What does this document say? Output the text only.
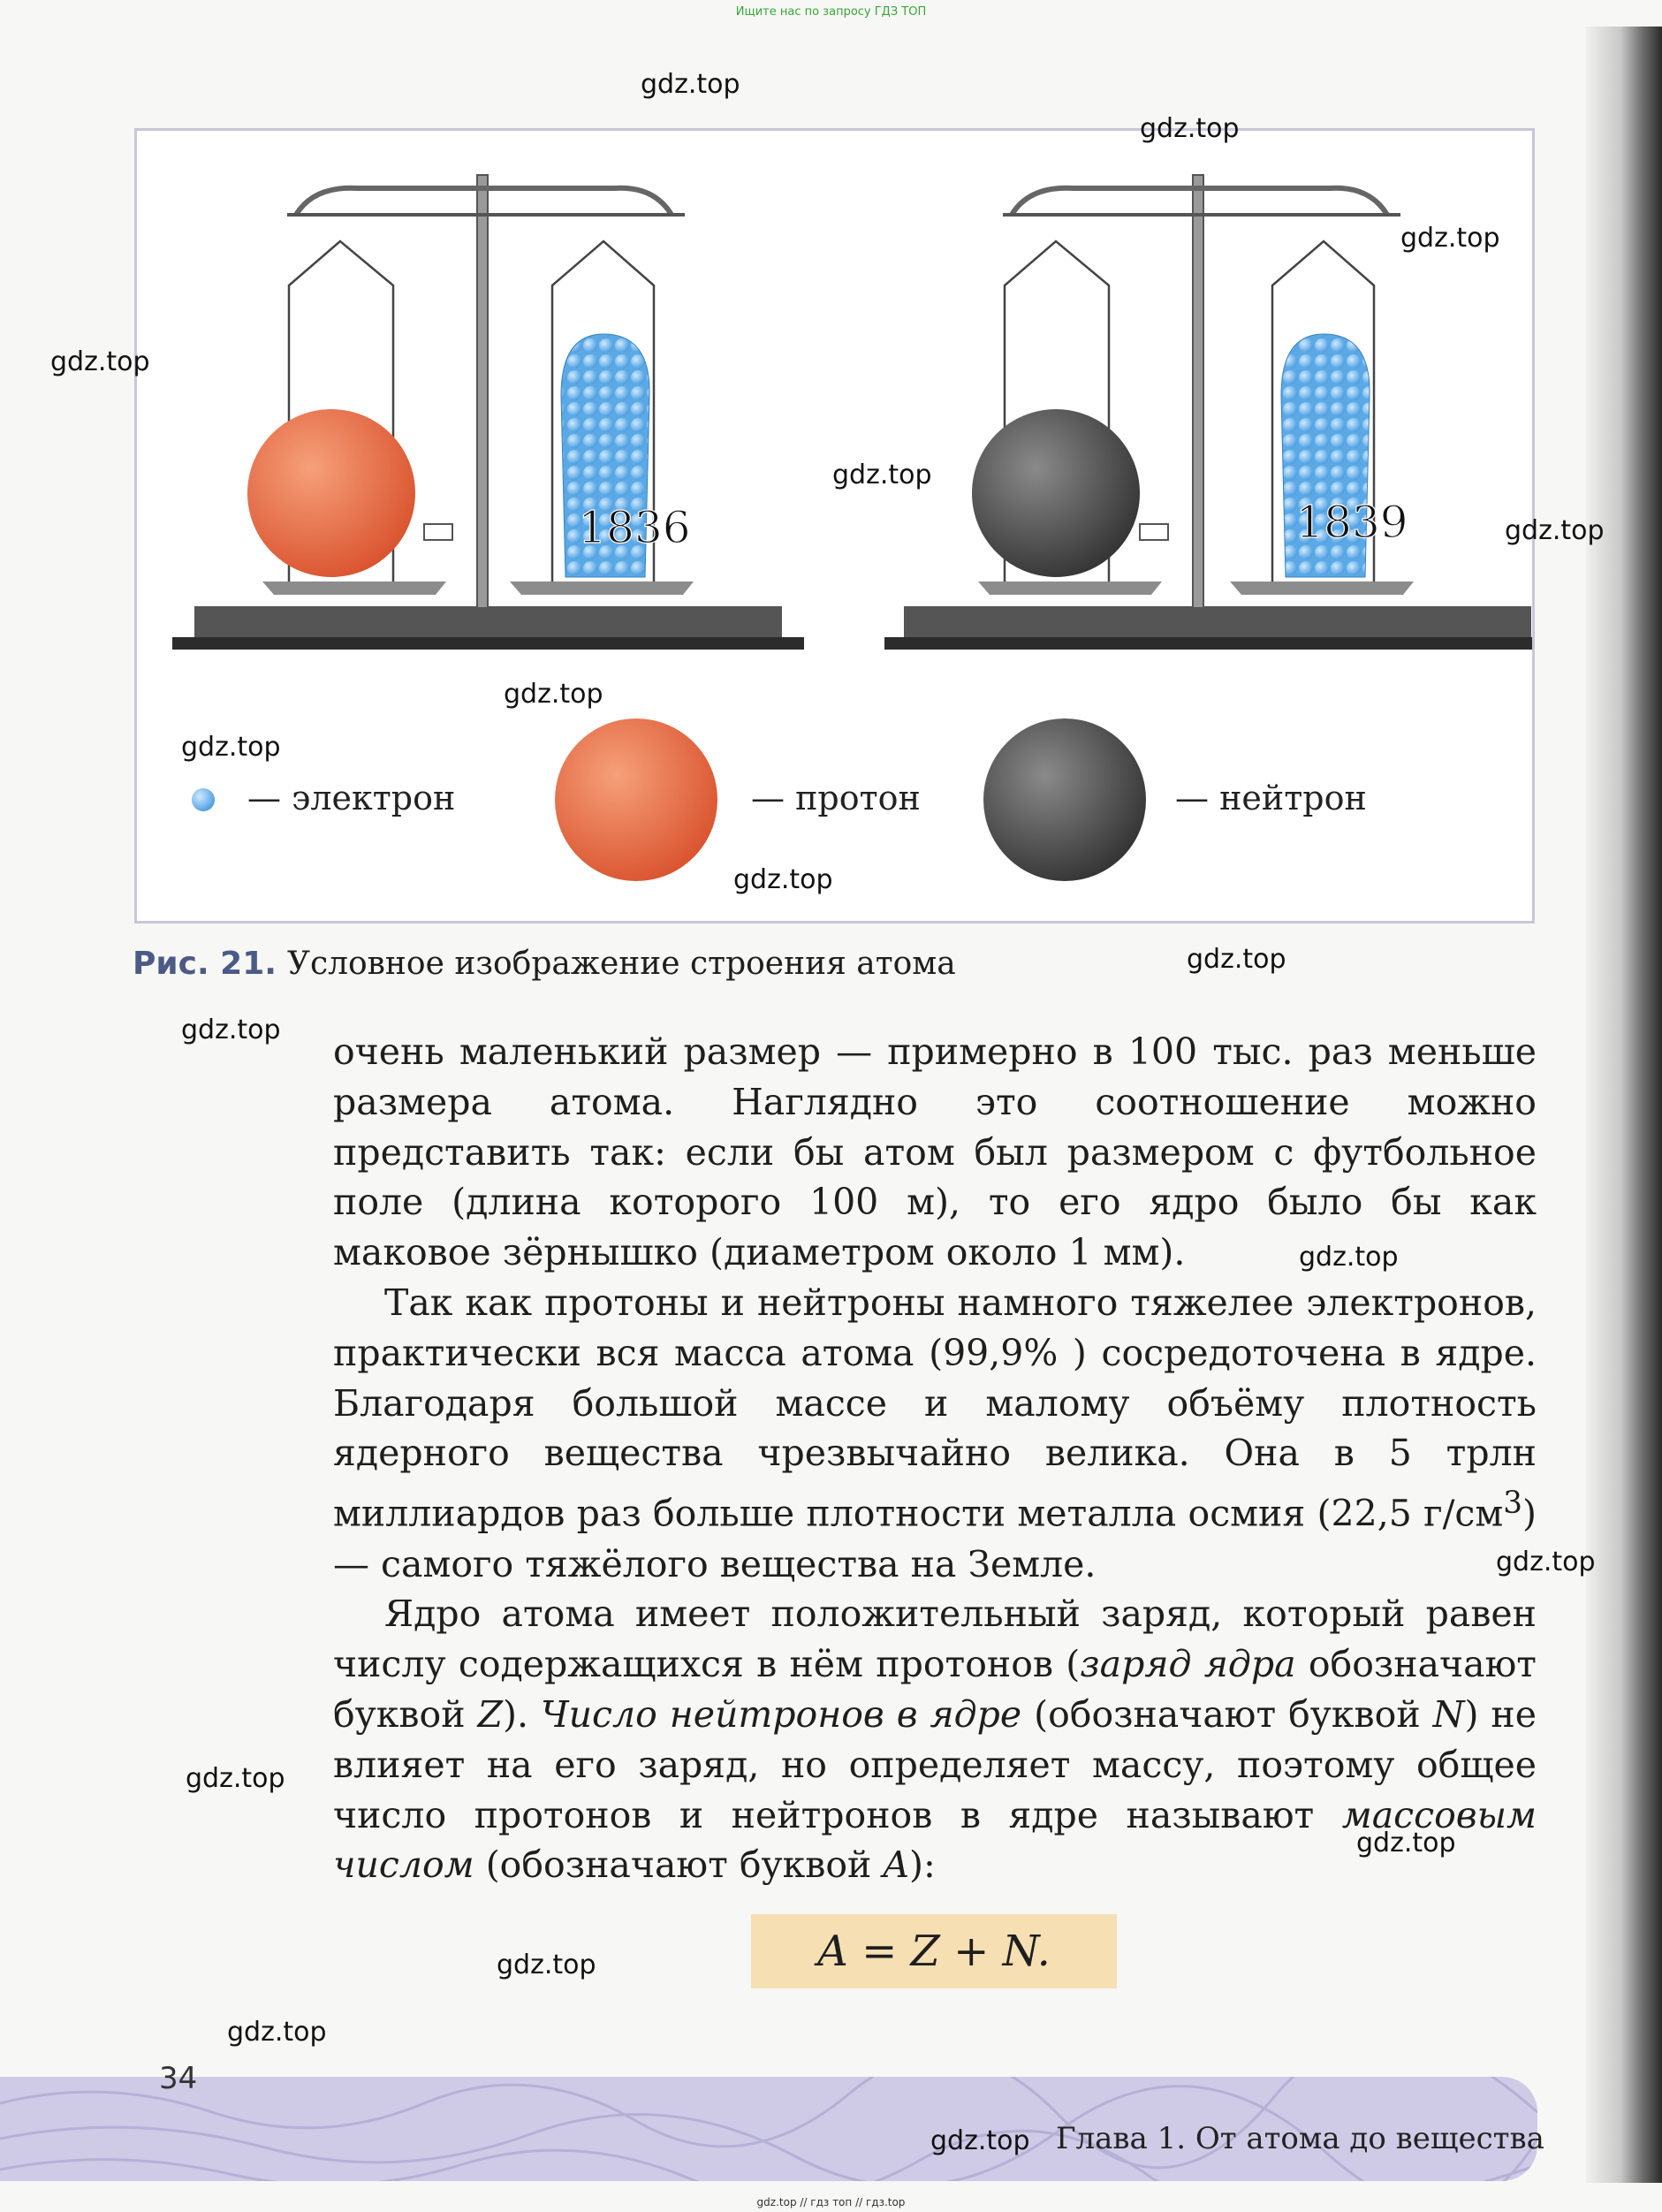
Ищите нас по запросу ГДЗ ТОП
1836	1839
— электрон	— протон	— нейтрон
Рис. 21. Условное изображение строения атома

очень маленький размер — примерно в 100 тыс. раз меньше размера атома. Наглядно это соотношение можно представить так: если бы атом был размером с футбольное поле (длина которого 100 м), то его ядро было бы как маковое зёрнышко (диаметром около 1 мм).

Так как протоны и нейтроны намного тяжелее электронов, практически вся масса атома (99,9% ) сосредоточена в ядре. Благодаря большой массе и малому объёму плотность ядерного вещества чрезвычайно велика. Она в 5 трлн миллиардов раз больше плотности металла осмия (22,5 $г/см^3$) — самого тяжёлого вещества на Земле.

Ядро атома имеет положительный заряд, который равен числу содержащихся в нём протонов (заряд ядра обозначают буквой Z). Число нейтронов в ядре (обозначают буквой N) не влияет на его заряд, но определяет массу, поэтому общее число протонов и нейтронов в ядре называют массовым числом (обозначают буквой A):

A = Z + N.
34
Глава 1. От атома до вещества
gdz.top
gdz.top
gdz.top
gdz.top
gdz.top
gdz.top
gdz.top
gdz.top
gdz.top
gdz.top
gdz.top
gdz.top
gdz.top
gdz.top
gdz.top
gdz.top
gdz.top
gdz.top
gdz.top // гдз топ // гдз.top
